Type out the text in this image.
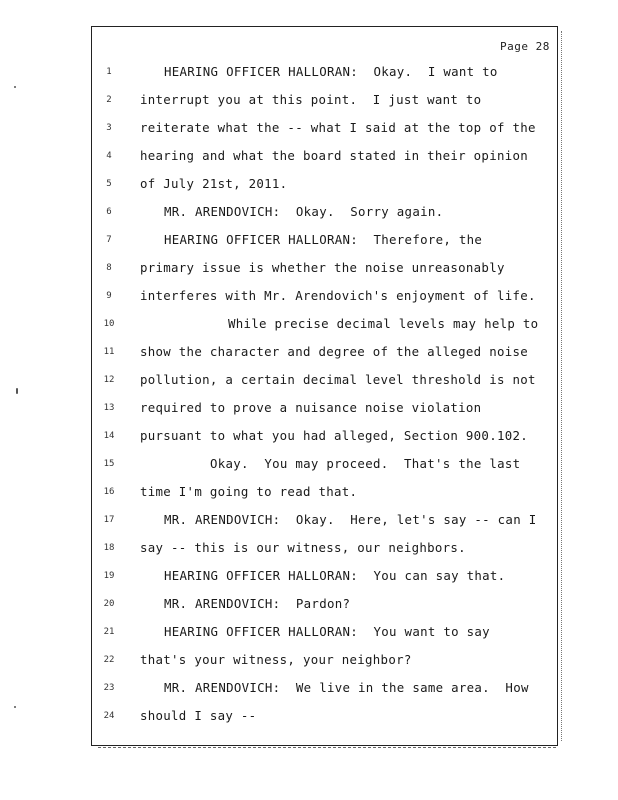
Page 28
1	HEARING OFFICER HALLORAN:  Okay.  I want to
2	interrupt you at this point.  I just want to
3	reiterate what the -- what I said at the top of the
4	hearing and what the board stated in their opinion
5	of July 21st, 2011.
6	MR. ARENDOVICH:  Okay.  Sorry again.
7	HEARING OFFICER HALLORAN:  Therefore, the
8	primary issue is whether the noise unreasonably
9	interferes with Mr. Arendovich's enjoyment of life.
10	While precise decimal levels may help to
11 show the character and degree of the alleged noise
12 pollution, a certain decimal level threshold is not
13 required to prove a nuisance noise violation
14 pursuant to what you had alleged, Section 900.102.
15	Okay.  You may proceed.  That's the last
16 time I'm going to read that.
17	MR. ARENDOVICH:  Okay.  Here, let's say -- can I
18 say -- this is our witness, our neighbors.
19	HEARING OFFICER HALLORAN:  You can say that.
20	MR. ARENDOVICH:  Pardon?
21	HEARING OFFICER HALLORAN:  You want to say
22 that's your witness, your neighbor?
23	MR. ARENDOVICH:  We live in the same area.  How
24 should I say --
